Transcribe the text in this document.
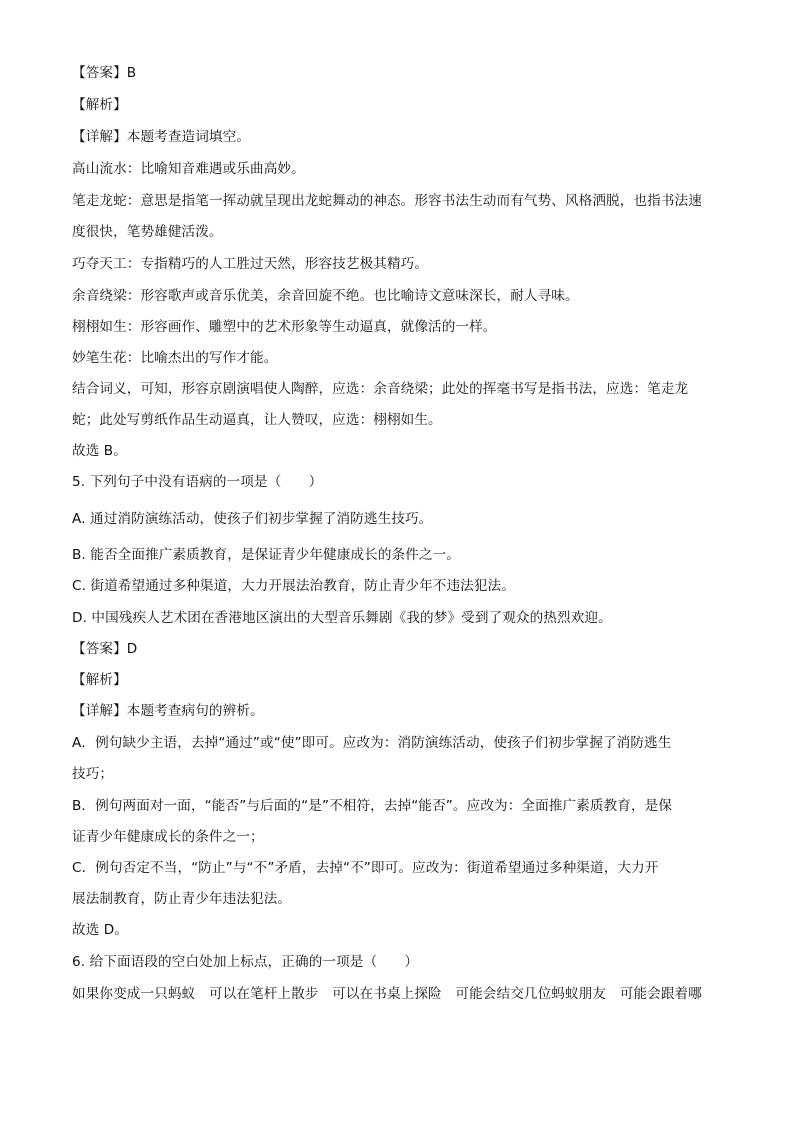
【答案】B
【解析】
【详解】本题考查造词填空。
高山流水：比喻知音难遇或乐曲高妙。
笔走龙蛇：意思是指笔一挥动就呈现出龙蛇舞动的神态。形容书法生动而有气势、风格洒脱，也指书法速
度很快，笔势雄健活泼。
巧夺天工：专指精巧的人工胜过天然，形容技艺极其精巧。
余音绕梁：形容歌声或音乐优美，余音回旋不绝。也比喻诗文意味深长，耐人寻味。
栩栩如生：形容画作、雕塑中的艺术形象等生动逼真，就像活的一样。
妙笔生花：比喻杰出的写作才能。
结合词义，可知，形容京剧演唱使人陶醉，应选：余音绕梁；此处的挥毫书写是指书法，应选：笔走龙
蛇；此处写剪纸作品生动逼真，让人赞叹，应选：栩栩如生。
故选 B。
5. 下列句子中没有语病的一项是（　　）
A. 通过消防演练活动，使孩子们初步掌握了消防逃生技巧。
B. 能否全面推广素质教育，是保证青少年健康成长的条件之一。
C. 街道希望通过多种渠道，大力开展法治教育，防止青少年不违法犯法。
D. 中国残疾人艺术团在香港地区演出的大型音乐舞剧《我的梦》受到了观众的热烈欢迎。
【答案】D
【解析】
【详解】本题考查病句的辨析。
A．例句缺少主语，去掉“通过”或“使”即可。应改为：消防演练活动，使孩子们初步掌握了消防逃生
技巧；
B．例句两面对一面，“能否”与后面的“是”不相符，去掉“能否”。应改为：全面推广素质教育，是保
证青少年健康成长的条件之一；
C．例句否定不当，“防止”与“不”矛盾，去掉“不”即可。应改为：街道希望通过多种渠道，大力开
展法制教育，防止青少年违法犯法。
故选 D。
6. 给下面语段的空白处加上标点，正确的一项是（　　）
如果你变成一只蚂蚁　可以在笔杆上散步　可以在书桌上探险　可能会结交几位蚂蚁朋友　可能会跟着哪
